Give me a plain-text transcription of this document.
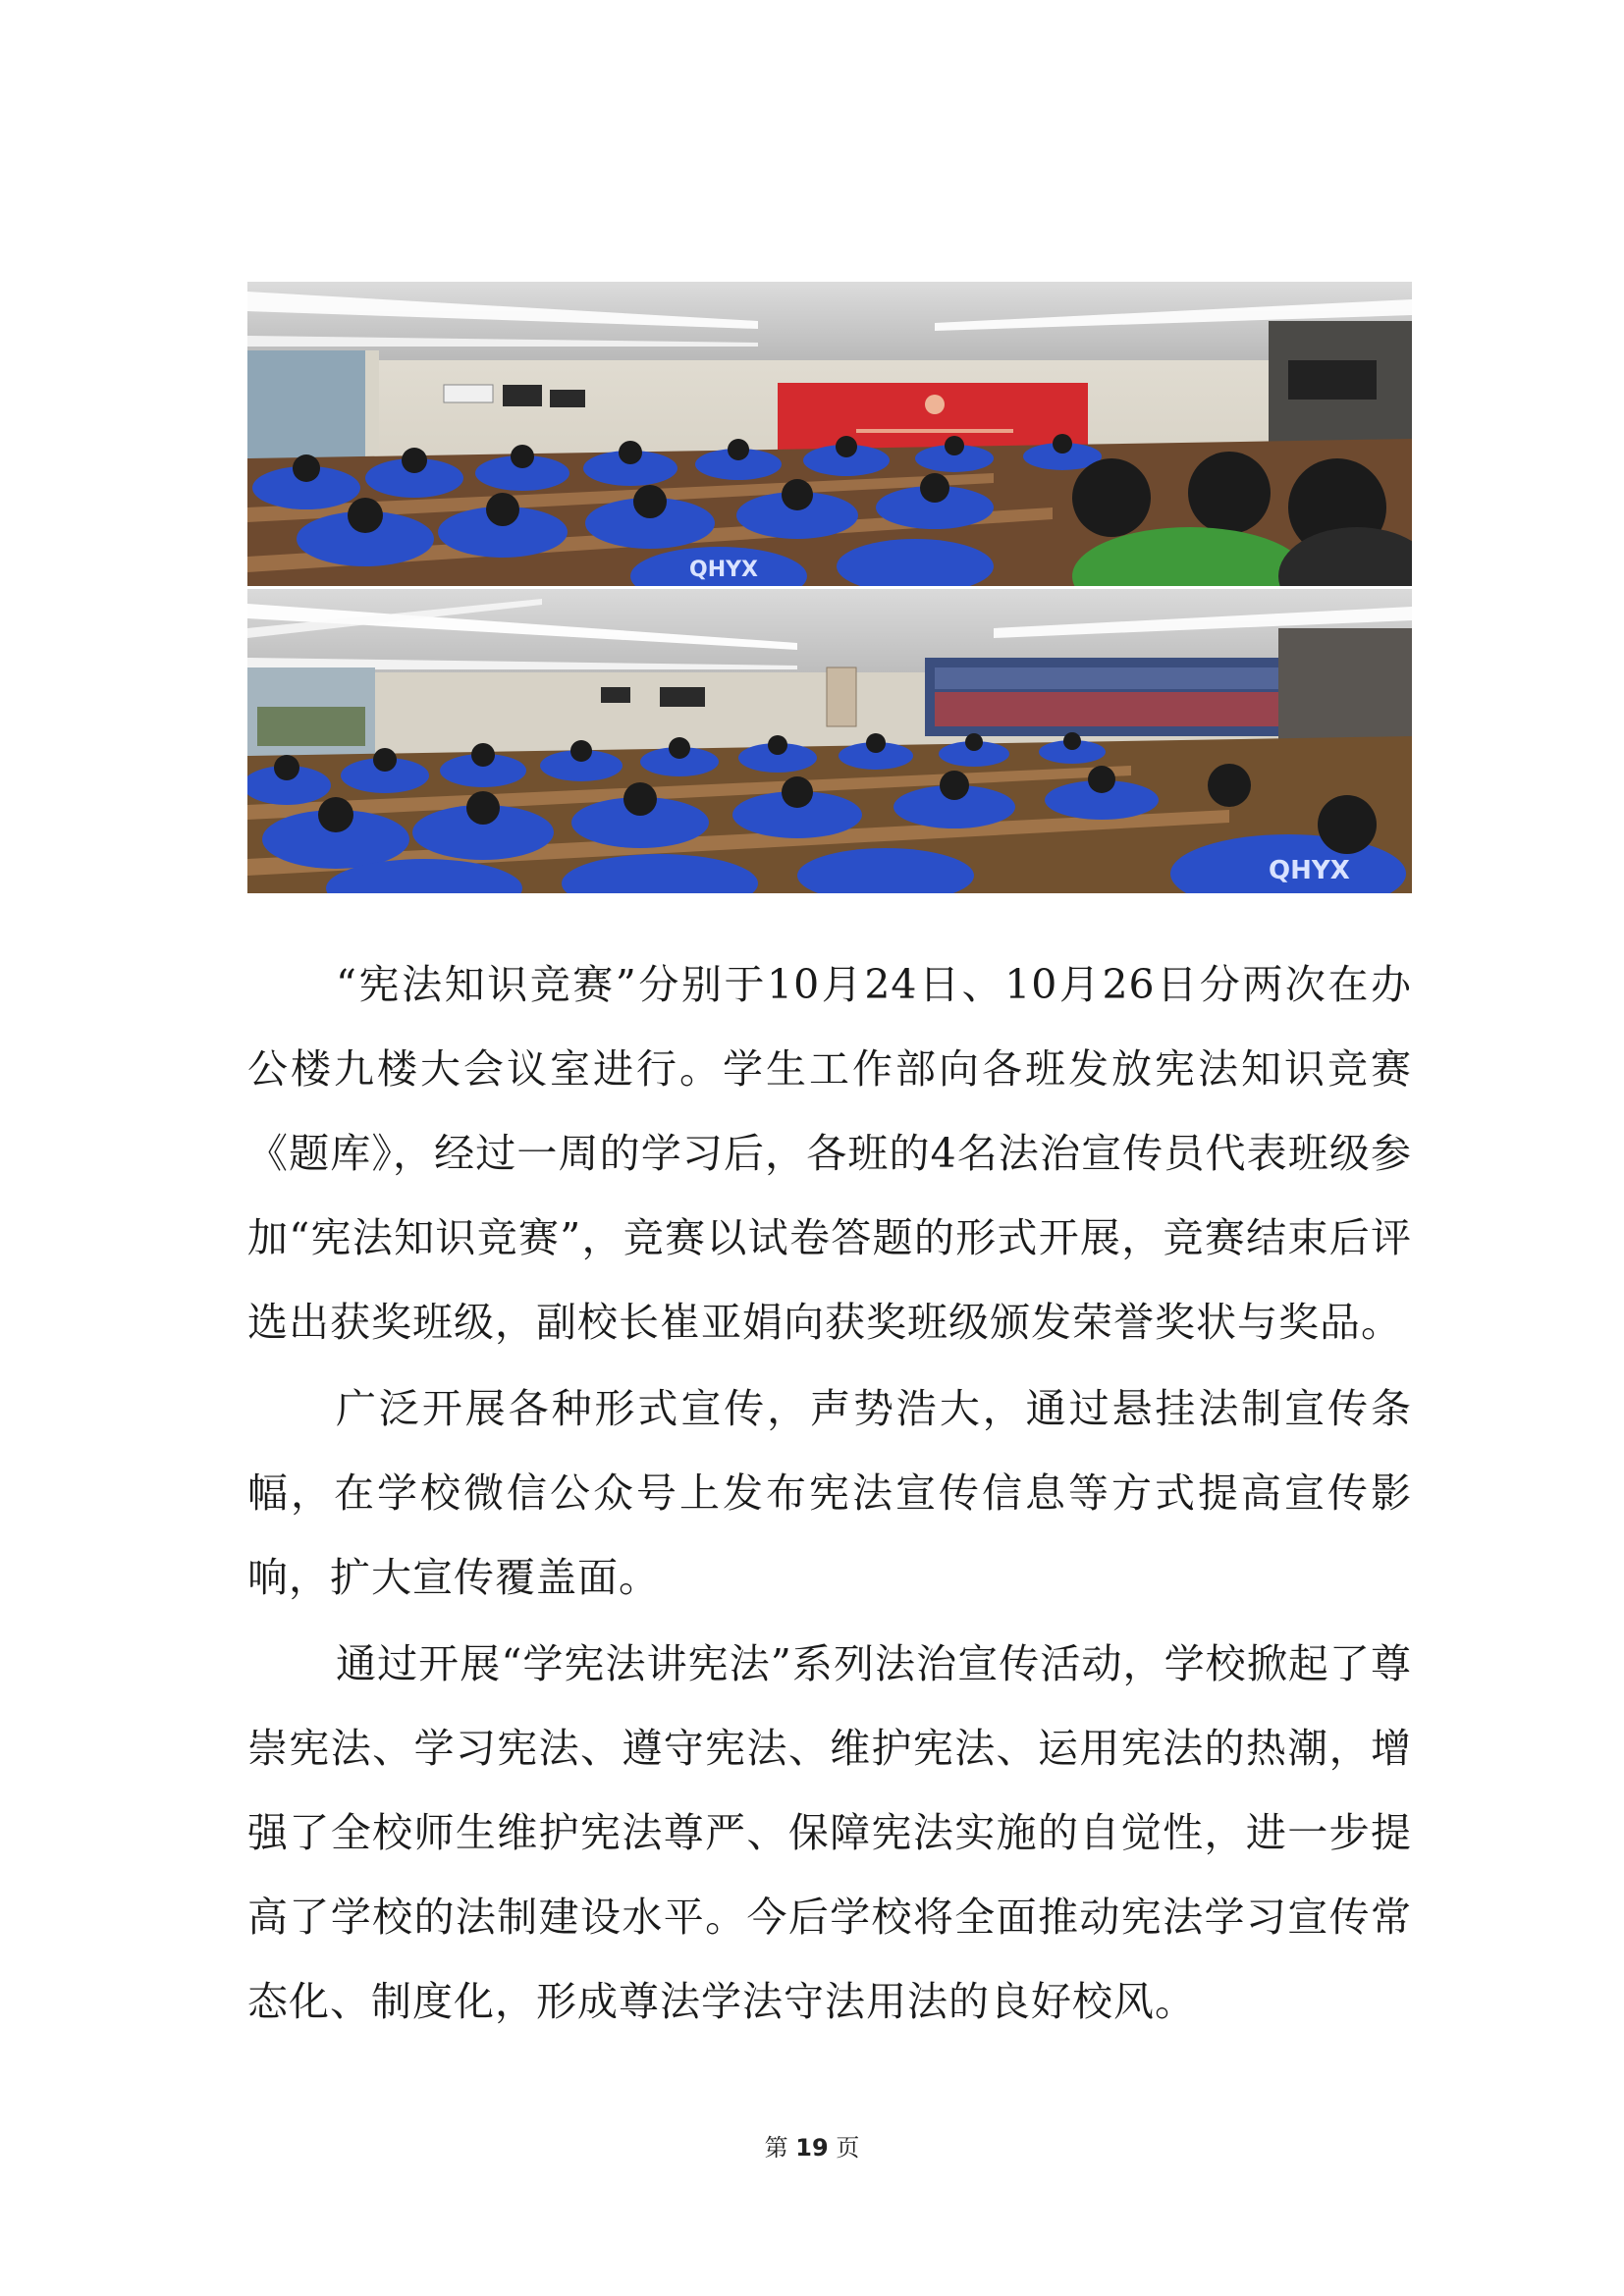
QHYX
QHYX

“宪法知识竞赛”分别于10月24日、10月26日分两次在办公楼九楼大会议室进行。学生工作部向各班发放宪法知识竞赛《题库》，经过一周的学习后，各班的4名法治宣传员代表班级参加“宪法知识竞赛”，竞赛以试卷答题的形式开展，竞赛结束后评选出获奖班级，副校长崔亚娟向获奖班级颁发荣誉奖状与奖品。

广泛开展各种形式宣传，声势浩大，通过悬挂法制宣传条幅，在学校微信公众号上发布宪法宣传信息等方式提高宣传影响，扩大宣传覆盖面。

通过开展“学宪法讲宪法”系列法治宣传活动，学校掀起了尊崇宪法、学习宪法、遵守宪法、维护宪法、运用宪法的热潮，增强了全校师生维护宪法尊严、保障宪法实施的自觉性，进一步提高了学校的法制建设水平。今后学校将全面推动宪法学习宣传常态化、制度化，形成尊法学法守法用法的良好校风。

第 19 页
